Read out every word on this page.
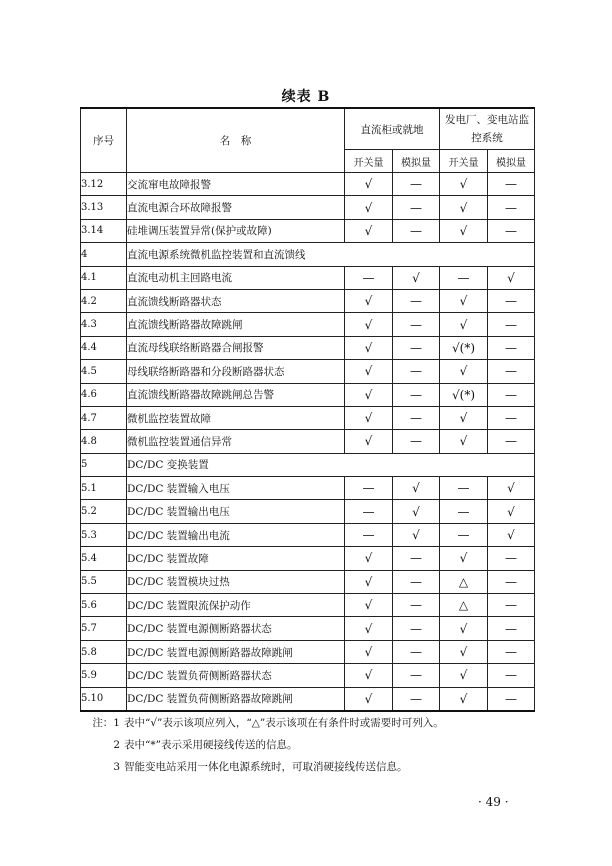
续表 B
序号	名　称	直流柜或就地		发电厂、变电站监控系统	
		开关量	模拟量	开关量	模拟量
3.12	交流窜电故障报警	√	—	√	—
3.13	直流电源合环故障报警	√	—	√	—
3.14	硅堆调压装置异常(保护或故障)	√	—	√	—
4	直流电源系统微机监控装置和直流馈线				
4.1	直流电动机主回路电流	—	√	—	√
4.2	直流馈线断路器状态	√	—	√	—
4.3	直流馈线断路器故障跳闸	√	—	√	—
4.4	直流母线联络断路器合闸报警	√	—	√(*)	—
4.5	母线联络断路器和分段断路器状态	√	—	√	—
4.6	直流馈线断路器故障跳闸总告警	√	—	√(*)	—
4.7	微机监控装置故障	√	—	√	—
4.8	微机监控装置通信异常	√	—	√	—
5	DC/DC 变换装置				
5.1	DC/DC 装置输入电压	—	√	—	√
5.2	DC/DC 装置输出电压	—	√	—	√
5.3	DC/DC 装置输出电流	—	√	—	√
5.4	DC/DC 装置故障	√	—	√	—
5.5	DC/DC 装置模块过热	√	—	△	—
5.6	DC/DC 装置限流保护动作	√	—	△	—
5.7	DC/DC 装置电源侧断路器状态	√	—	√	—
5.8	DC/DC 装置电源侧断路器故障跳闸	√	—	√	—
5.9	DC/DC 装置负荷侧断路器状态	√	—	√	—
5.10	DC/DC 装置负荷侧断路器故障跳闸	√	—	√	—
注：1 表中“√”表示该项应列入，“△”表示该项在有条件时或需要时可列入。
2 表中“*”表示采用硬接线传送的信息。
3 智能变电站采用一体化电源系统时，可取消硬接线传送信息。
· 49 ·
